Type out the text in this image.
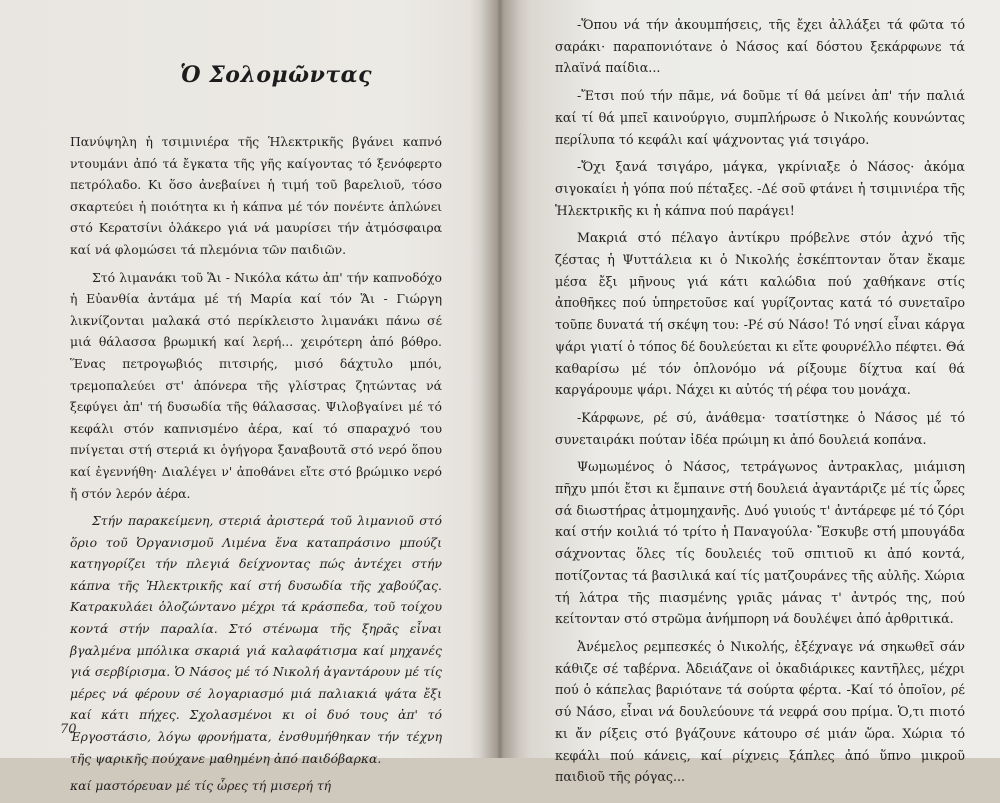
Ὁ Σολομῶντας

Πανύψηλη ἡ τσιμινιέρα τῆς Ἡλεκτρικῆς βγάνει καπνό ντουμάνι ἀπό τά ἔγκατα τῆς γῆς καίγοντας τό ξενόφερτο πετρόλαδο. Κι ὅσο ἀνεβαίνει ἡ τιμή τοῦ βαρελιοῦ, τόσο σκαρτεύει ἡ ποιότητα κι ἡ κάπνα μέ τόν πονέντε ἁπλώνει στό Κερατσίνι ὁλάκερο γιά νά μαυρίσει τήν ἀτμόσφαιρα καί νά φλομώσει τά πλεμόνια τῶν παιδιῶν.

Στό λιμανάκι τοῦ Ἅι - Νικόλα κάτω ἀπ' τήν καπνοδόχο ἡ Εὐανθία ἀντάμα μέ τή Μαρία καί τόν Ἅι - Γιώργη λικνίζονται μαλακά στό περίκλειστο λιμανάκι πάνω σέ μιά θάλασσα βρωμική καί λερή... χειρότερη ἀπό βόθρο. Ἕνας πετρογωβιός πιτσιρής, μισό δάχτυλο μπόι, τρεμοπαλεύει στ' ἀπόνερα τῆς γλίστρας ζητώντας νά ξεφύγει ἀπ' τή δυσωδία τῆς θάλασσας. Ψιλοβγαίνει μέ τό κεφάλι στόν καπνισμένο ἀέρα, καί τό σπαραχνό του πνίγεται στή στεριά κι ὁγήγορα ξαναβουτᾶ στό νερό ὅπου καί ἐγεννήθη· Διαλέγει ν' ἀποθάνει εἴτε στό βρώμικο νερό ἤ στόν λερόν ἀέρα.

Στήν παρακείμενη, στεριά ἀριστερά τοῦ λιμανιοῦ στό ὅριο τοῦ Ὀργανισμοῦ Λιμένα ἕνα καταπράσινο μπούζι κατηγορίζει τήν πλεγιά δείχνοντας πώς ἀντέχει στήν κάπνα τῆς Ἡλεκτρικῆς καί στή δυσωδία τῆς χαβούζας. Κατρακυλάει ὁλοζώντανο μέχρι τά κράσπεδα, τοῦ τοίχου κοντά στήν παραλία. Στό στένωμα τῆς ξηρᾶς εἶναι βγαλμένα μπόλικα σκαριά γιά καλαφάτισμα καί μηχανές γιά σερβίρισμα. Ὁ Νάσος μέ τό Νικολή ἀγαντάρουν μέ τίς μέρες νά φέρουν σέ λογαριασμό μιά παλιακιά ψάτα ἔξι καί κάτι πήχες. Σχολασμένοι κι οἱ δυό τους ἀπ' τό Ἐργοστάσιο, λόγω φρονήματα, ἐνσθυμήθηκαν τήν τέχνη τῆς ψαρικῆς πούχανε μαθημένη ἀπό παιδόβαρκα.

καί μαστόρευαν μέ τίς ὧρες τή μισερή τή

70

-Ὅπου νά τήν ἀκουμπήσεις, τῆς ἔχει ἀλλάξει τά φῶτα τό σαράκι· παραπονιότανε ὁ Νάσος καί δόστου ξεκάρφωνε τά πλαϊνά παίδια...

-Ἔτσι πού τήν πᾶμε, νά δοῦμε τί θά μείνει ἀπ' τήν παλιά καί τί θά μπεῖ καινούργιο, συμπλήρωσε ὁ Νικολής κουνώντας περίλυπα τό κεφάλι καί ψάχνοντας γιά τσιγάρο.

-Ὄχι ξανά τσιγάρο, μάγκα, γκρίνιαξε ὁ Νάσος· ἀκόμα σιγοκαίει ἡ γόπα πού πέταξες. -Δέ σοῦ φτάνει ἡ τσιμινιέρα τῆς Ἡλεκτρικῆς κι ἡ κάπνα πού παράγει!

Μακριά στό πέλαγο ἀντίκρυ πρόβελνε στόν ἀχνό τῆς ζέστας ἡ Ψυττάλεια κι ὁ Νικολής ἐσκέπτονταν ὅταν ἔκαμε μέσα ἔξι μῆνους γιά κάτι καλώδια πού χαθήκανε στίς ἀποθῆκες πού ὑπηρετοῦσε καί γυρίζοντας κατά τό συνεταῖρο τοῦπε δυνατά τή σκέψη του: -Ρέ σύ Νάσο! Τό νησί εἶναι κάργα ψάρι γιατί ὁ τόπος δέ δουλεύεται κι εἴτε φουρνέλλο πέφτει. Θά καθαρίσω μέ τόν ὁπλονόμο νά ρίξουμε δίχτυα καί θά καργάρουμε ψάρι. Νάχει κι αὐτός τή ρέφα του μονάχα.

-Κάρφωνε, ρέ σύ, ἀνάθεμα· τσατίστηκε ὁ Νάσος μέ τό συνεταιράκι πούταν ἰδέα πρώιμη κι ἀπό δουλειά κοπάνα.

Ψωμωμένος ὁ Νάσος, τετράγωνος ἀντρακλας, μιάμιση πῆχυ μπόι ἔτσι κι ἔμπαινε στή δουλειά ἀγαντάριζε μέ τίς ὧρες σά διωστήρας ἀτμομηχανῆς. Δυό γυιούς τ' ἀντάρεφε μέ τό ζόρι καί στήν κοιλιά τό τρίτο ἡ Παναγούλα· Ἔσκυβε στή μπουγάδα σάχνοντας ὅλες τίς δουλειές τοῦ σπιτιοῦ κι ἀπό κοντά, ποτίζοντας τά βασιλικά καί τίς ματζουράνες τῆς αὐλῆς. Χώρια τή λάτρα τῆς πιασμένης γριᾶς μάνας τ' ἀντρός της, πού κείτονταν στό στρῶμα ἀνήμπορη νά δουλέψει ἀπό ἀρθριτικά.

Ἀνέμελος ρεμπεσκές ὁ Νικολής, ἐξέχναγε νά σηκωθεῖ σάν κάθιζε σέ ταβέρνα. Ἀδειάζανε οἱ ὀκαδιάρικες καντῆλες, μέχρι πού ὁ κάπελας βαριότανε τά σούρτα φέρτα. -Καί τό ὁποῖον, ρέ σύ Νάσο, εἶναι νά δουλεύουνε τά νεφρά σου πρίμα. Ὁ,τι πιοτό κι ἄν ρίξεις στό βγάζουνε κάτουρο σέ μιάν ὥρα. Χώρια τό κεφάλι πού κάνεις, καί ρίχνεις ξάπλες ἀπό ὕπνο μικροῦ παιδιοῦ τῆς ρόγας...
